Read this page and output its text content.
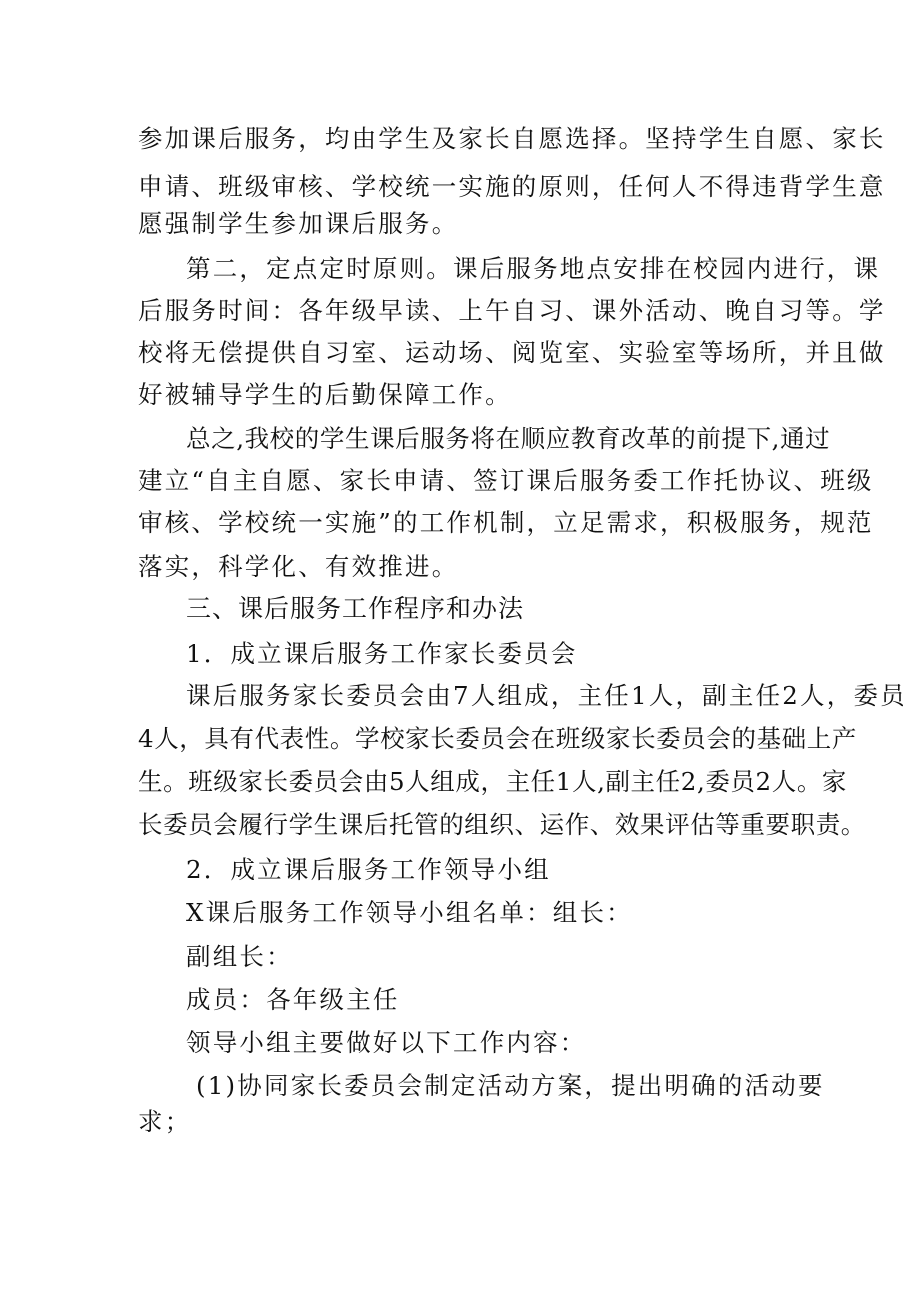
参加课后服务，均由学生及家长自愿选择。坚持学生自愿、家长
申请、班级审核、学校统一实施的原则，任何人不得违背学生意
愿强制学生参加课后服务。
第二，定点定时原则。课后服务地点安排在校园内进行，课
后服务时间：各年级早读、上午自习、课外活动、晚自习等。学
校将无偿提供自习室、运动场、阅览室、实验室等场所，并且做
好被辅导学生的后勤保障工作。
总之,我校的学生课后服务将在顺应教育改革的前提下,通过
建立“自主自愿、家长申请、签订课后服务委工作托协议、班级
审核、学校统一实施”的工作机制，立足需求，积极服务，规范
落实，科学化、有效推进。
三、课后服务工作程序和办法
1．成立课后服务工作家长委员会
课后服务家长委员会由7人组成，主任1人，副主任2人，委员
4人，具有代表性。学校家长委员会在班级家长委员会的基础上产
生。班级家长委员会由5人组成，主任1人,副主任2,委员2人。家
长委员会履行学生课后托管的组织、运作、效果评估等重要职责。
2．成立课后服务工作领导小组
X课后服务工作领导小组名单：组长：
副组长：
成员：各年级主任
领导小组主要做好以下工作内容：
(1)协同家长委员会制定活动方案，提出明确的活动要
求；
